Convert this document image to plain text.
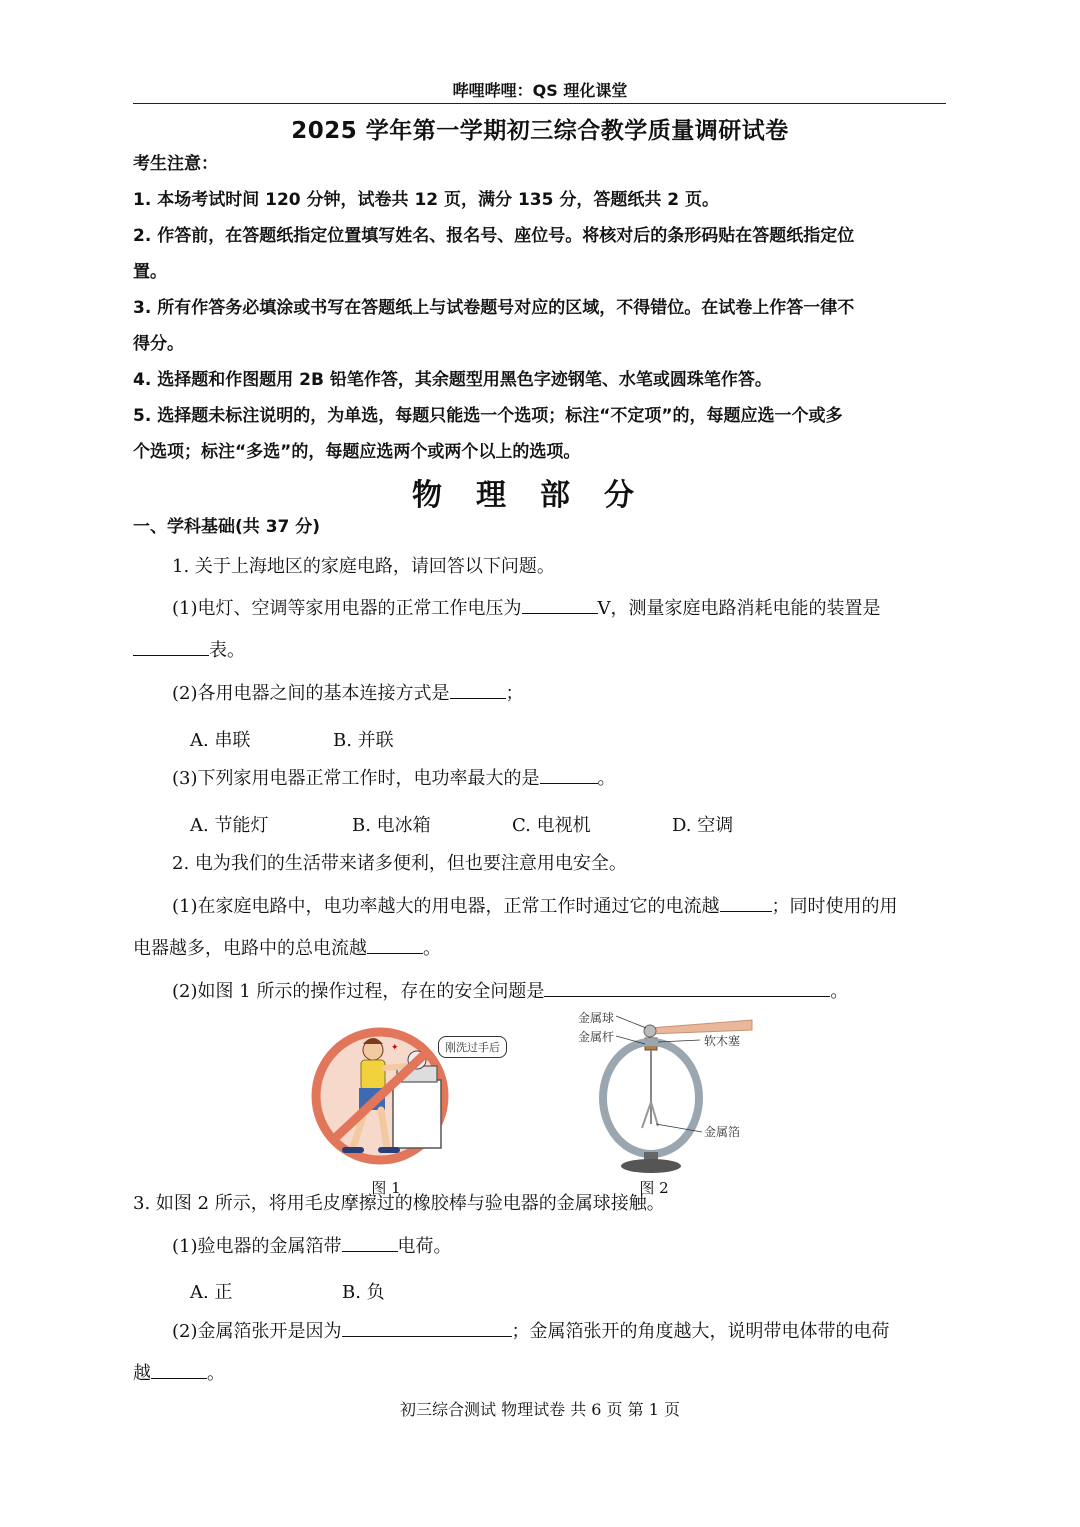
哔哩哔哩：QS 理化课堂
2025 学年第一学期初三综合教学质量调研试卷
考生注意：
1. 本场考试时间 120 分钟，试卷共 12 页，满分 135 分，答题纸共 2 页。
2. 作答前，在答题纸指定位置填写姓名、报名号、座位号。将核对后的条形码贴在答题纸指定位
置。
3. 所有作答务必填涂或书写在答题纸上与试卷题号对应的区域，不得错位。在试卷上作答一律不
得分。
4. 选择题和作图题用 2B 铅笔作答，其余题型用黑色字迹钢笔、水笔或圆珠笔作答。
5. 选择题未标注说明的，为单选，每题只能选一个选项；标注“不定项”的，每题应选一个或多
个选项；标注“多选”的，每题应选两个或两个以上的选项。
物理部分
一、学科基础(共 37 分)
1. 关于上海地区的家庭电路，请回答以下问题。
(1)电灯、空调等家用电器的正常工作电压为	V，测量家庭电路消耗电能的装置是
表。
(2)各用电器之间的基本连接方式是	；
A. 串联	B. 并联
(3)下列家用电器正常工作时，电功率最大的是	。
A. 节能灯	B. 电冰箱	C. 电视机	D. 空调
2. 电为我们的生活带来诸多便利，但也要注意用电安全。
(1)在家庭电路中，电功率越大的用电器，正常工作时通过它的电流越	；同时使用的用
电器越多，电路中的总电流越	。
(2)如图 1 所示的操作过程，存在的安全问题是	。
✦	刚洗过手后
图 1
金属球
金属杆	软木塞
金属箔
图 2
3. 如图 2 所示，将用毛皮摩擦过的橡胶棒与验电器的金属球接触。
(1)验电器的金属箔带	电荷。
A. 正	B. 负
(2)金属箔张开是因为	；金属箔张开的角度越大，说明带电体带的电荷
越	。
初三综合测试 物理试卷 共 6 页 第 1 页
